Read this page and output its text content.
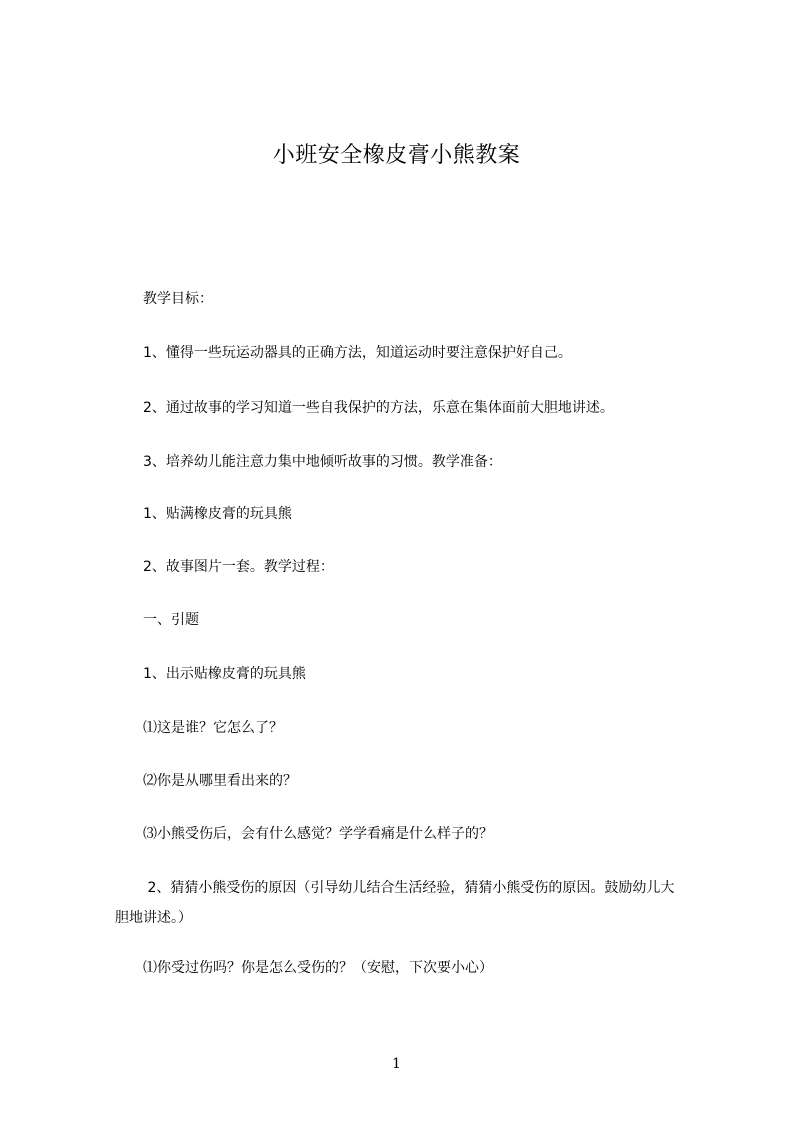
小班安全橡皮膏小熊教案
　　教学目标：
　　1、懂得一些玩运动器具的正确方法，知道运动时要注意保护好自己。
　　2、通过故事的学习知道一些自我保护的方法，乐意在集体面前大胆地讲述。
　　3、培养幼儿能注意力集中地倾听故事的习惯。教学准备：
　　1、贴满橡皮膏的玩具熊
　　2、故事图片一套。教学过程：
　　一、引题
　　1、出示贴橡皮膏的玩具熊
　　⑴这是谁？它怎么了？
　　⑵你是从哪里看出来的？
　　⑶小熊受伤后，会有什么感觉？学学看痛是什么样子的？
　　 2、猜猜小熊受伤的原因（引导幼儿结合生活经验，猜猜小熊受伤的原因。鼓励幼儿大胆地讲述。）
　　⑴你受过伤吗？你是怎么受伤的？（安慰，下次要小心）
1
